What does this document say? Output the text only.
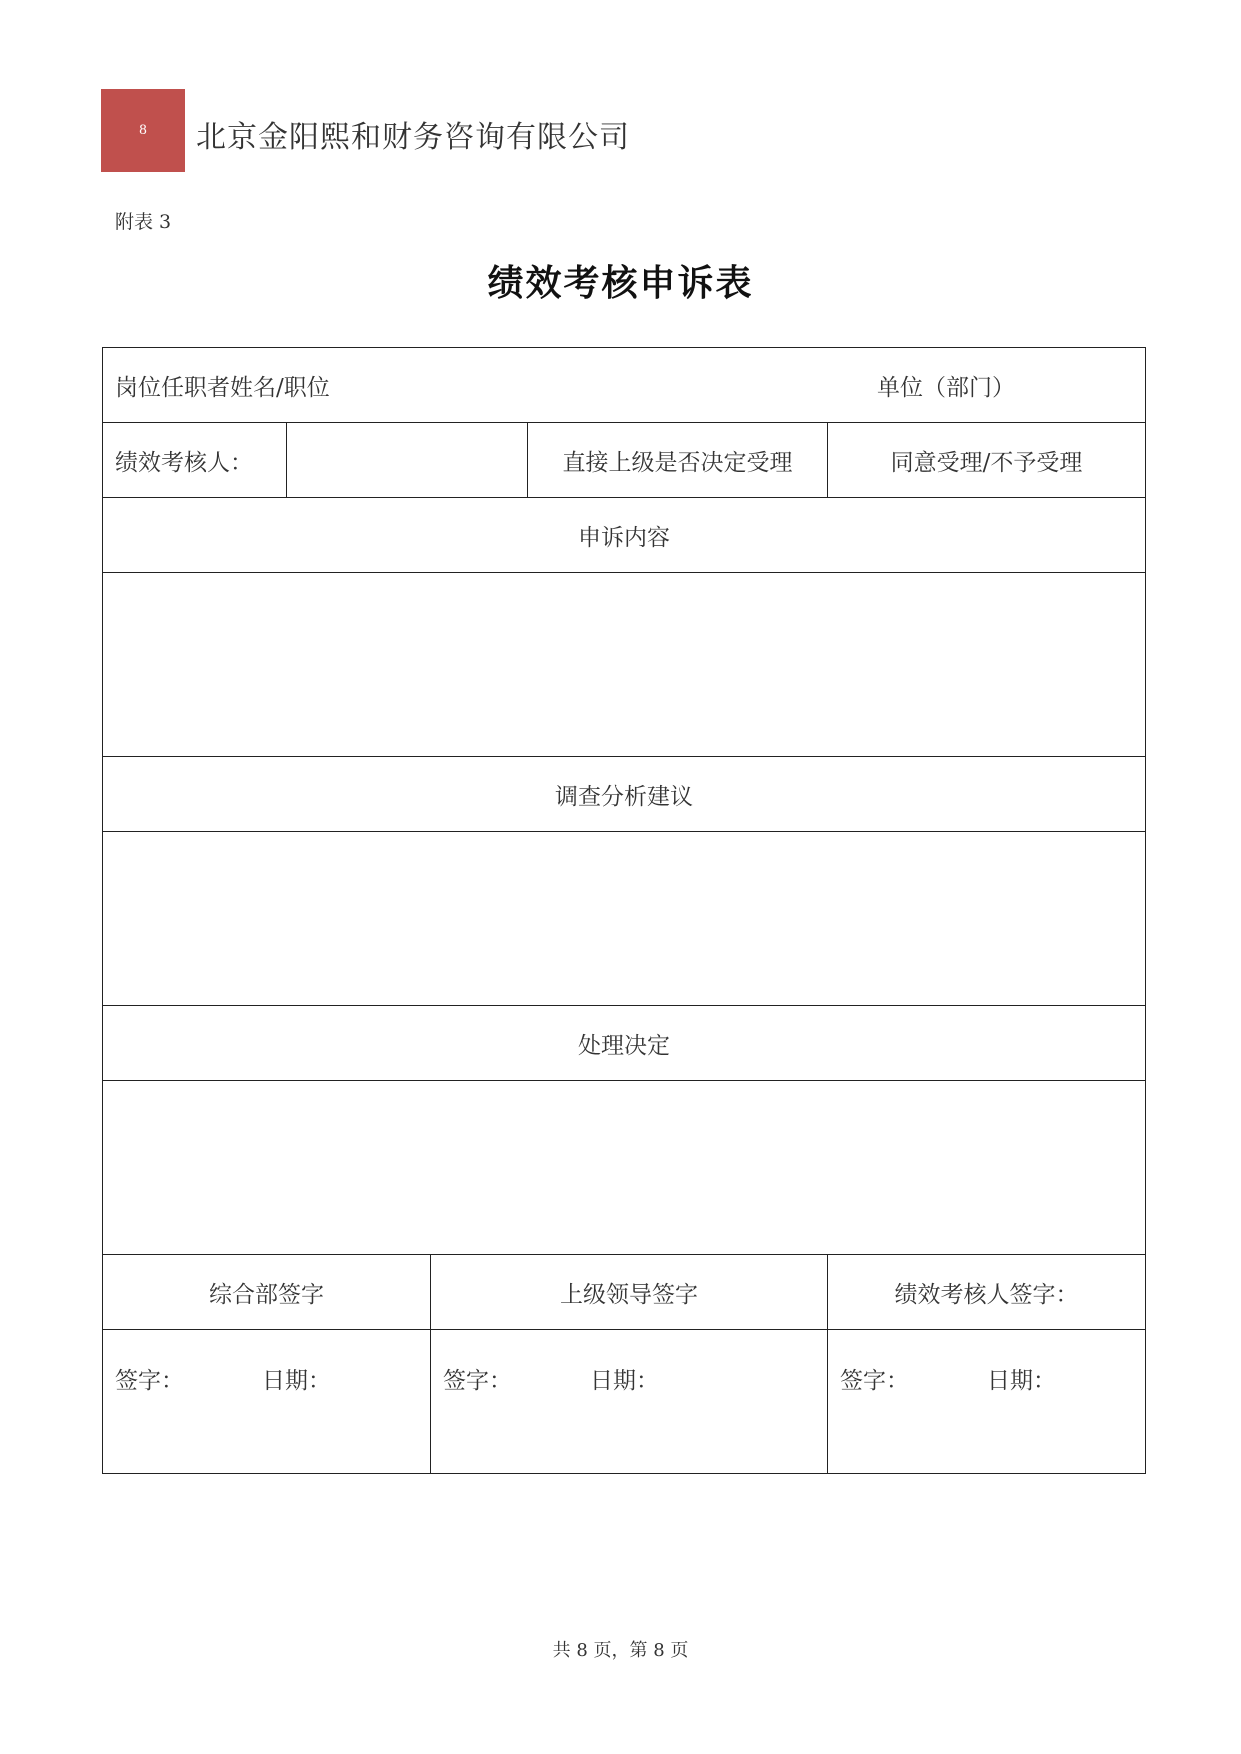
8 北京金阳熙和财务咨询有限公司
附表 3
绩效考核申诉表
岗位任职者姓名/职位 单位（部门）				

绩效考核人：			直接上级是否决定受理	同意受理/不予受理
申诉内容				

调查分析建议				

处理决定				

综合部签字		上级领导签字		绩效考核人签字：
签字： 日期：		签字： 日期：		签字： 日期：
共 8 页，第 8 页
